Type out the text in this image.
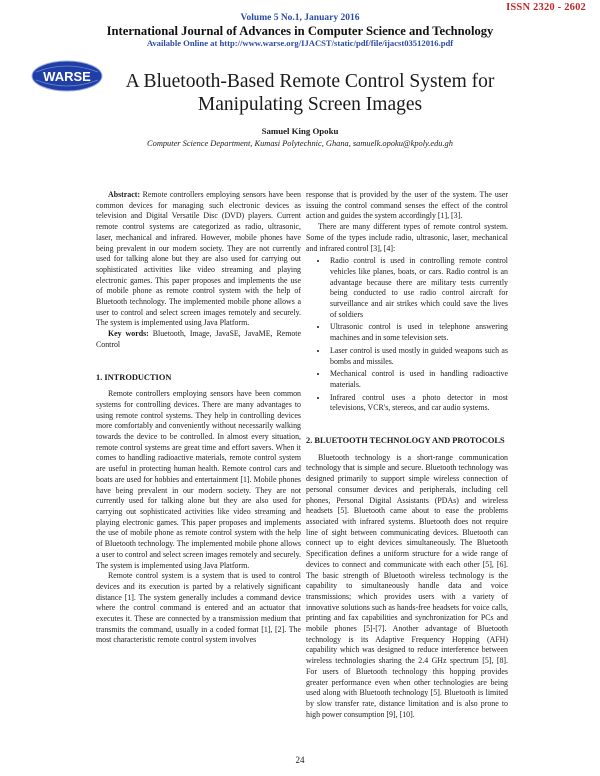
ISSN 2320 - 2602
Volume 5 No.1, January 2016
International Journal of Advances in Computer Science and Technology
Available Online at http://www.warse.org/IJACST/static/pdf/file/ijacst03512016.pdf
WARSE	A Bluetooth-Based Remote Control System for
Manipulating Screen Images
Samuel King Opoku
Computer Science Department, Kumasi Polytechnic, Ghana, samuelk.opoku@kpoly.edu.gh

Abstract: Remote controllers employing sensors have been common devices for managing such electronic devices as television and Digital Versatile Disc (DVD) players. Current remote control systems are categorized as radio, ultrasonic, laser, mechanical and infrared. However, mobile phones have being prevalent in our modern society. They are not currently used for talking alone but they are also used for carrying out sophisticated activities like video streaming and playing electronic games. This paper proposes and implements the use of mobile phone as remote control system with the help of Bluetooth technology. The implemented mobile phone allows a user to control and select screen images remotely and securely. The system is implemented using Java Platform.

Key words: Bluetooth, Image, JavaSE, JavaME, Remote Control

1. INTRODUCTION

Remote controllers employing sensors have been common systems for controlling devices. There are many advantages to using remote control systems. They help in controlling devices more comfortably and conveniently without necessarily walking towards the device to be controlled. In almost every situation, remote control systems are great time and effort savers. When it comes to handling radioactive materials, remote control system are useful in protecting human health. Remote control cars and boats are used for hobbies and entertainment [1]. Mobile phones have being prevalent in our modern society. They are not currently used for talking alone but they are also used for carrying out sophisticated activities like video streaming and playing electronic games. This paper proposes and implements the use of mobile phone as remote control system with the help of Bluetooth technology. The implemented mobile phone allows a user to control and select screen images remotely and securely. The system is implemented using Java Platform.

Remote control system is a system that is used to control devices and its execution is parted by a relatively significant distance [1]. The system generally includes a command device where the control command is entered and an actuator that executes it. These are connected by a transmission medium that transmits the command, usually in a coded format [1], [2]. The most characteristic remote control system involves

response that is provided by the user of the system. The user issuing the control command senses the effect of the control action and guides the system accordingly [1], [3].

There are many different types of remote control system. Some of the types include radio, ultrasonic, laser, mechanical and infrared control [3], [4]:

• Radio control is used in controlling remote control vehicles like planes, boats, or cars. Radio control is an advantage because there are military tests currently being conducted to use radio control aircraft for surveillance and air strikes which could save the lives of soldiers
• Ultrasonic control is used in telephone answering machines and in some television sets.
• Laser control is used mostly in guided weapons such as bombs and missiles.
• Mechanical control is used in handling radioactive materials.
• Infrared control uses a photo detector in most televisions, VCR's, stereos, and car audio systems.
2. BLUETOOTH TECHNOLOGY AND PROTOCOLS

Bluetooth technology is a short-range communication technology that is simple and secure. Bluetooth technology was designed primarily to support simple wireless connection of personal consumer devices and peripherals, including cell phones, Personal Digital Assistants (PDAs) and wireless headsets [5]. Bluetooth came about to ease the problems associated with infrared systems. Bluetooth does not require line of sight between communicating devices. Bluetooth can connect up to eight devices simultaneously. The Bluetooth Specification defines a uniform structure for a wide range of devices to connect and communicate with each other [5], [6]. The basic strength of Bluetooth wireless technology is the capability to simultaneously handle data and voice transmissions; which provides users with a variety of innovative solutions such as hands-free headsets for voice calls, printing and fax capabilities and synchronization for PCs and mobile phones [5]-[7]. Another advantage of Bluetooth technology is its Adaptive Frequency Hopping (AFH) capability which was designed to reduce interference between wireless technologies sharing the 2.4 GHz spectrum [5], [8]. For users of Bluetooth technology this hopping provides greater performance even when other technologies are being used along with Bluetooth technology [5]. Bluetooth is limited by slow transfer rate, distance limitation and is also prone to high power consumption [9], [10].

24
